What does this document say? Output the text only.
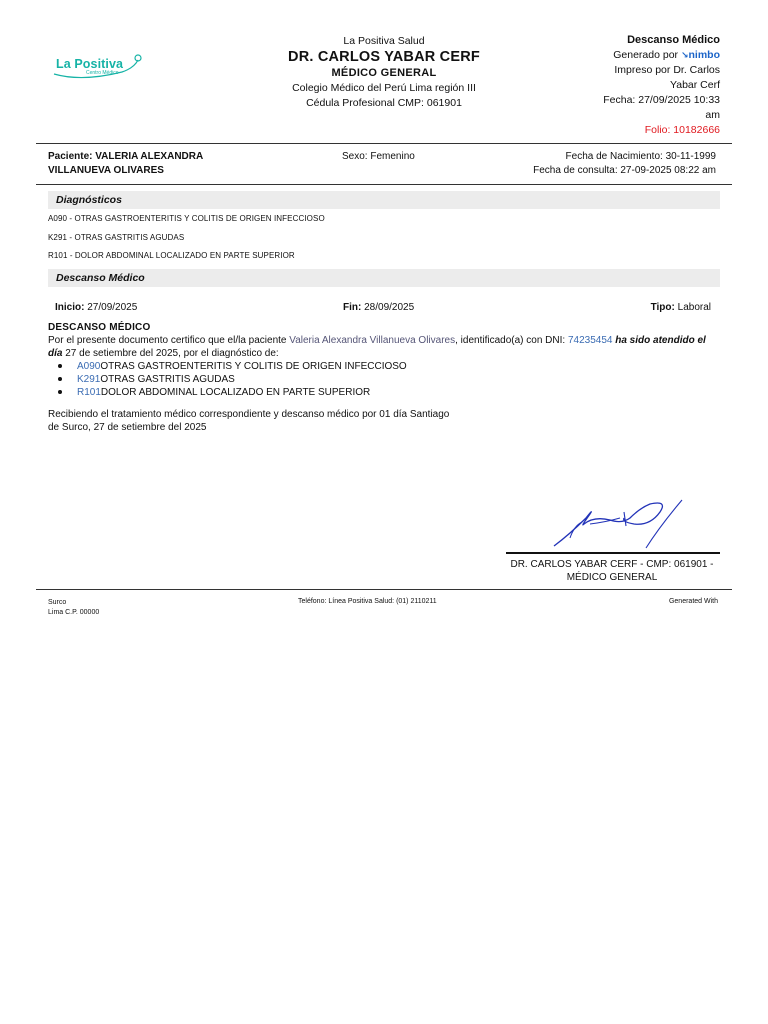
La Positiva
Centro Médico
La Positiva Salud
DR. CARLOS YABAR CERF
MÉDICO GENERAL
Colegio Médico del Perú Lima región III
Cédula Profesional CMP: 061901
Descanso Médico
Generado por ↘nimbo
Impreso por Dr. Carlos
Yabar Cerf
Fecha: 27/09/2025 10:33
am
Folio: 10182666
Paciente: VALERIA ALEXANDRA
VILLANUEVA OLIVARES
Sexo: Femenino	Fecha de Nacimiento: 30-11-1999
Fecha de consulta: 27-09-2025 08:22 am
Diagnósticos
A090 - OTRAS GASTROENTERITIS Y COLITIS DE ORIGEN INFECCIOSO
K291 - OTRAS GASTRITIS AGUDAS
R101 - DOLOR ABDOMINAL LOCALIZADO EN PARTE SUPERIOR
Descanso Médico
Inicio: 27/09/2025	Fin: 28/09/2025	Tipo: Laboral
DESCANSO MÉDICO
Por el presente documento certifico que el/la paciente Valeria Alexandra Villanueva Olivares, identificado(a) con DNI: 74235454 ha sido atendido el día 27 de setiembre del 2025, por el diagnóstico de:
A090OTRAS GASTROENTERITIS Y COLITIS DE ORIGEN INFECCIOSO
K291OTRAS GASTRITIS AGUDAS
R101DOLOR ABDOMINAL LOCALIZADO EN PARTE SUPERIOR
Recibiendo el tratamiento médico correspondiente y descanso médico por 01 día Santiago
de Surco, 27 de setiembre del 2025
DR. CARLOS YABAR CERF - CMP: 061901 -
MÉDICO GENERAL
Surco
Lima C.P. 00000
Teléfono: Línea Positiva Salud: (01) 2110211	Generated With
